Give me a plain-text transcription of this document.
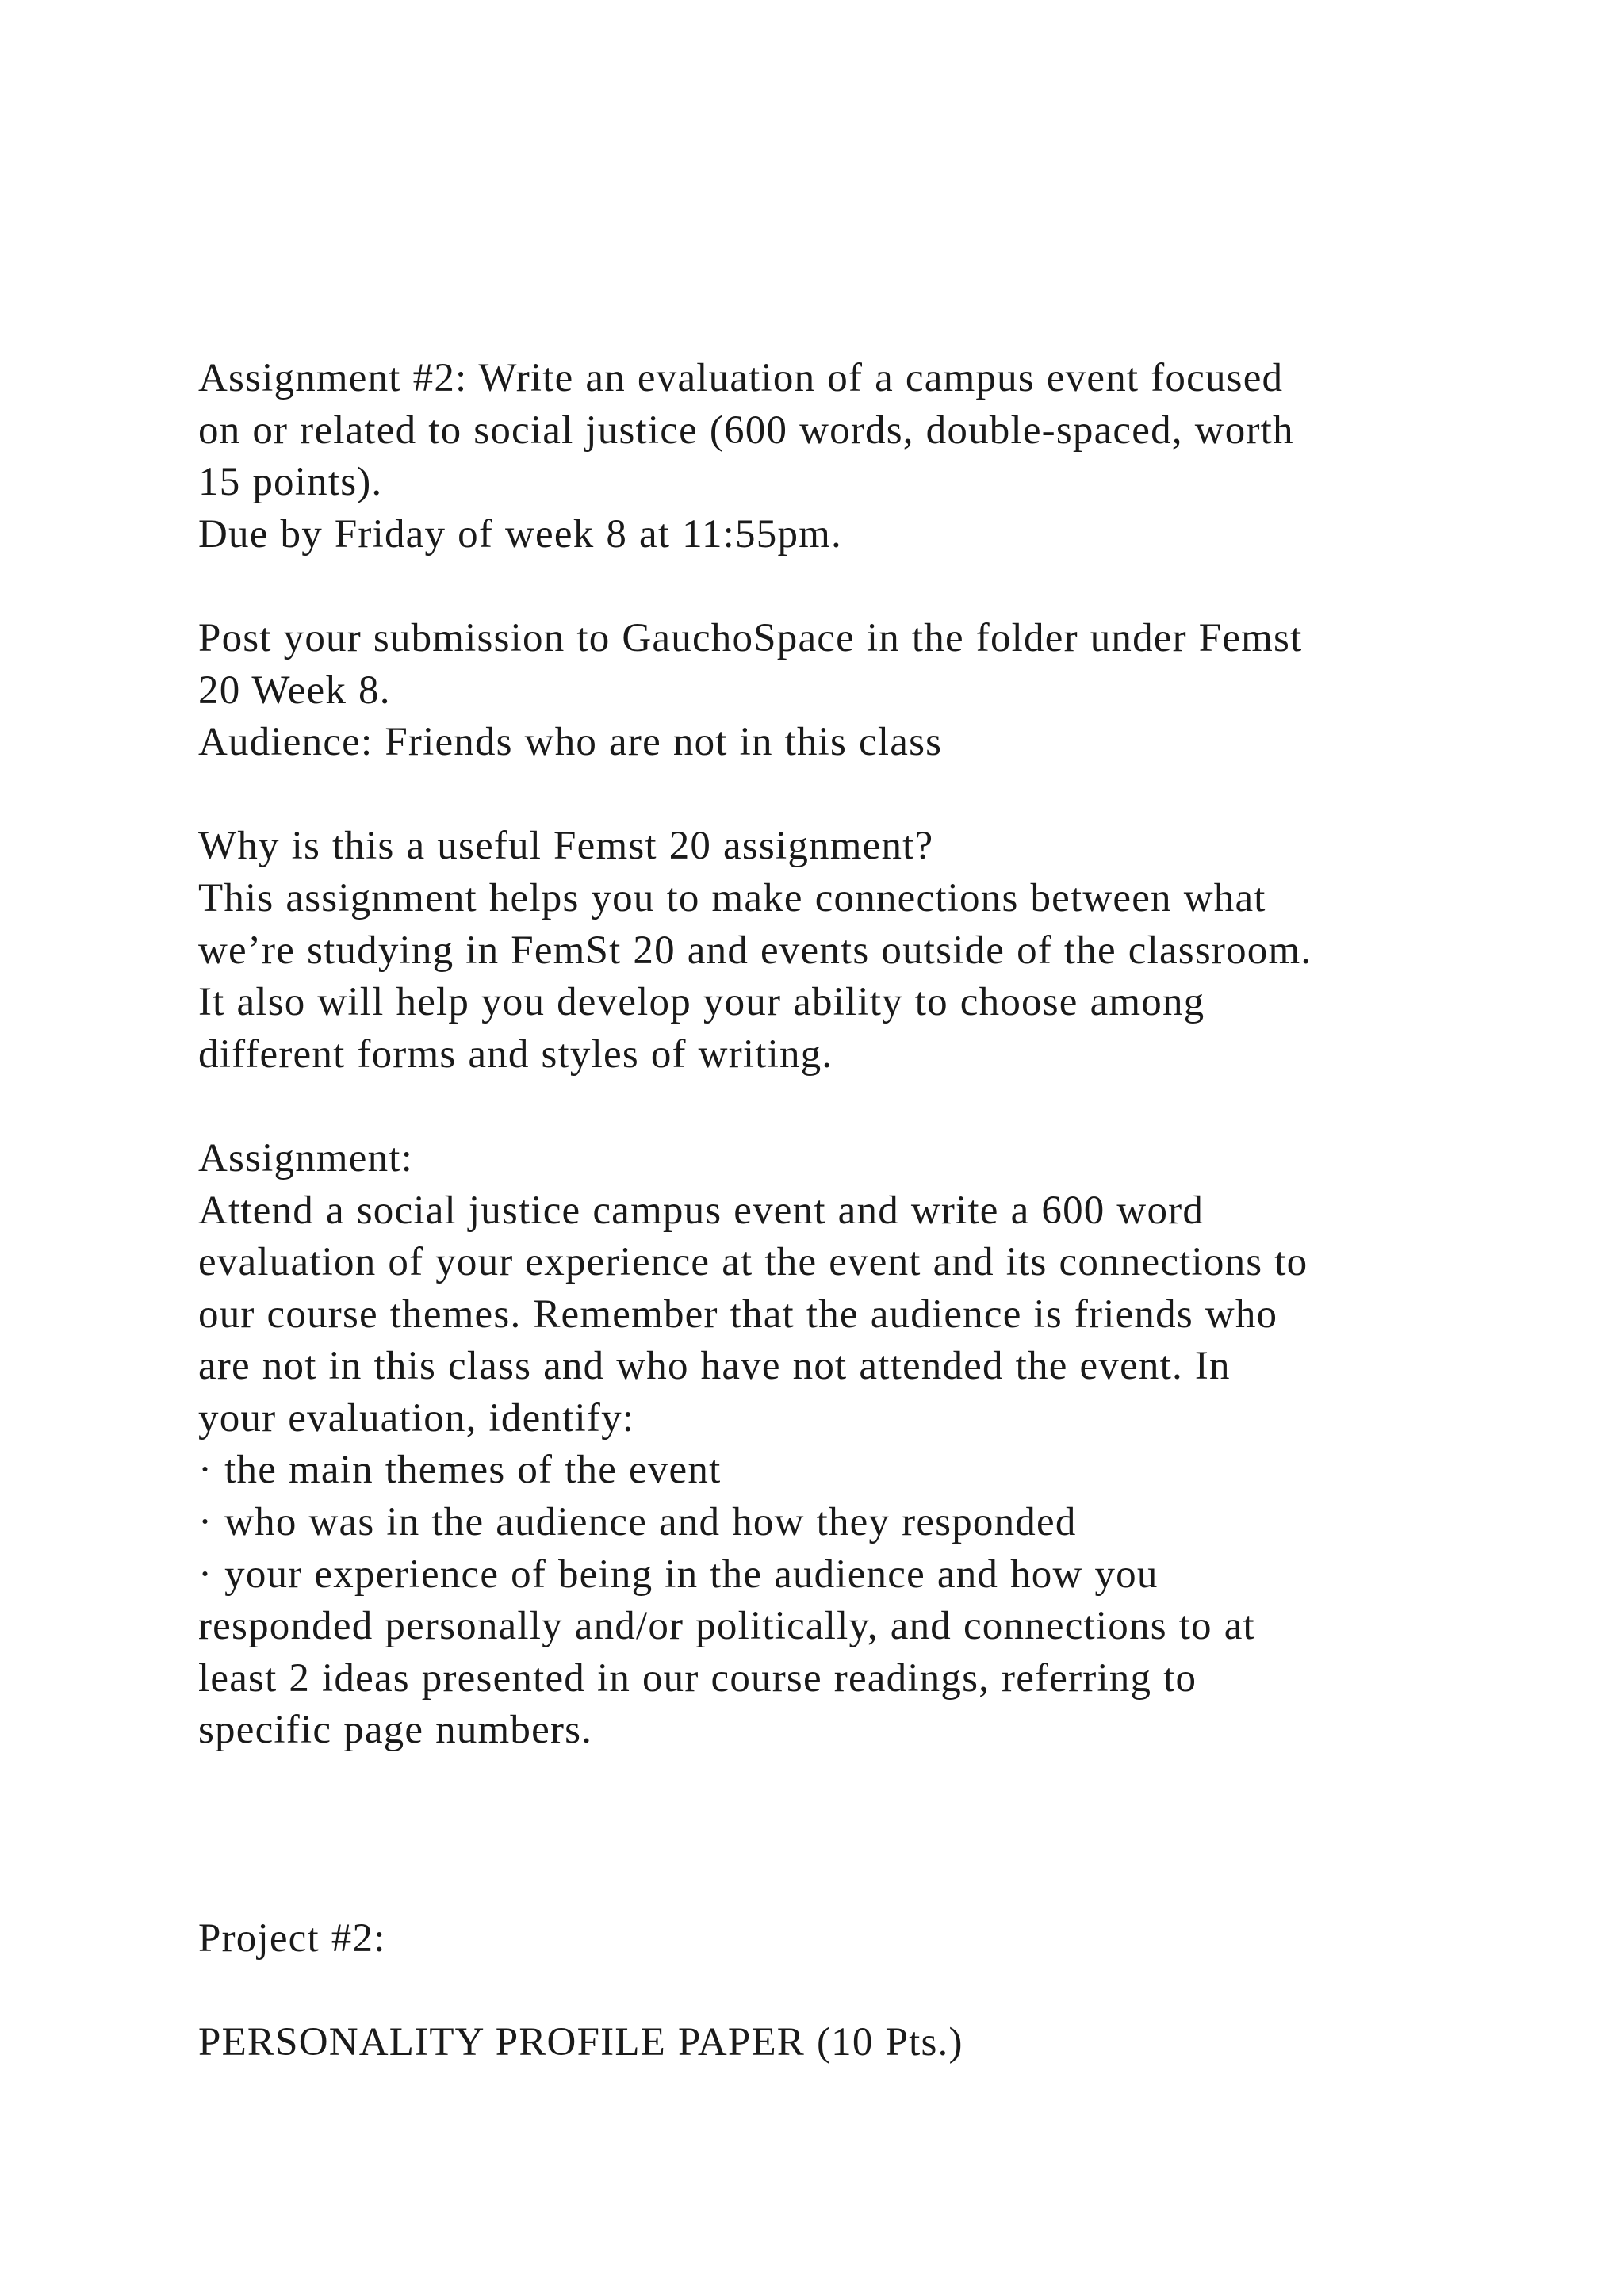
Assignment #2: Write an evaluation of a campus event focused
on or related to social justice (600 words, double-spaced, worth
15 points).
Due by Friday of week 8 at 11:55pm.
Post your submission to GauchoSpace in the folder under Femst
20 Week 8.
Audience: Friends who are not in this class
Why is this a useful Femst 20 assignment?
This assignment helps you to make connections between what
we’re studying in FemSt 20 and events outside of the classroom.
It also will help you develop your ability to choose among
different forms and styles of writing.
Assignment:
Attend a social justice campus event and write a 600 word
evaluation of your experience at the event and its connections to
our course themes. Remember that the audience is friends who
are not in this class and who have not attended the event. In
your evaluation, identify:
· the main themes of the event
· who was in the audience and how they responded
· your experience of being in the audience and how you
responded personally and/or politically, and connections to at
least 2 ideas presented in our course readings, referring to
specific page numbers.
Project #2:
PERSONALITY PROFILE PAPER (10 Pts.)
